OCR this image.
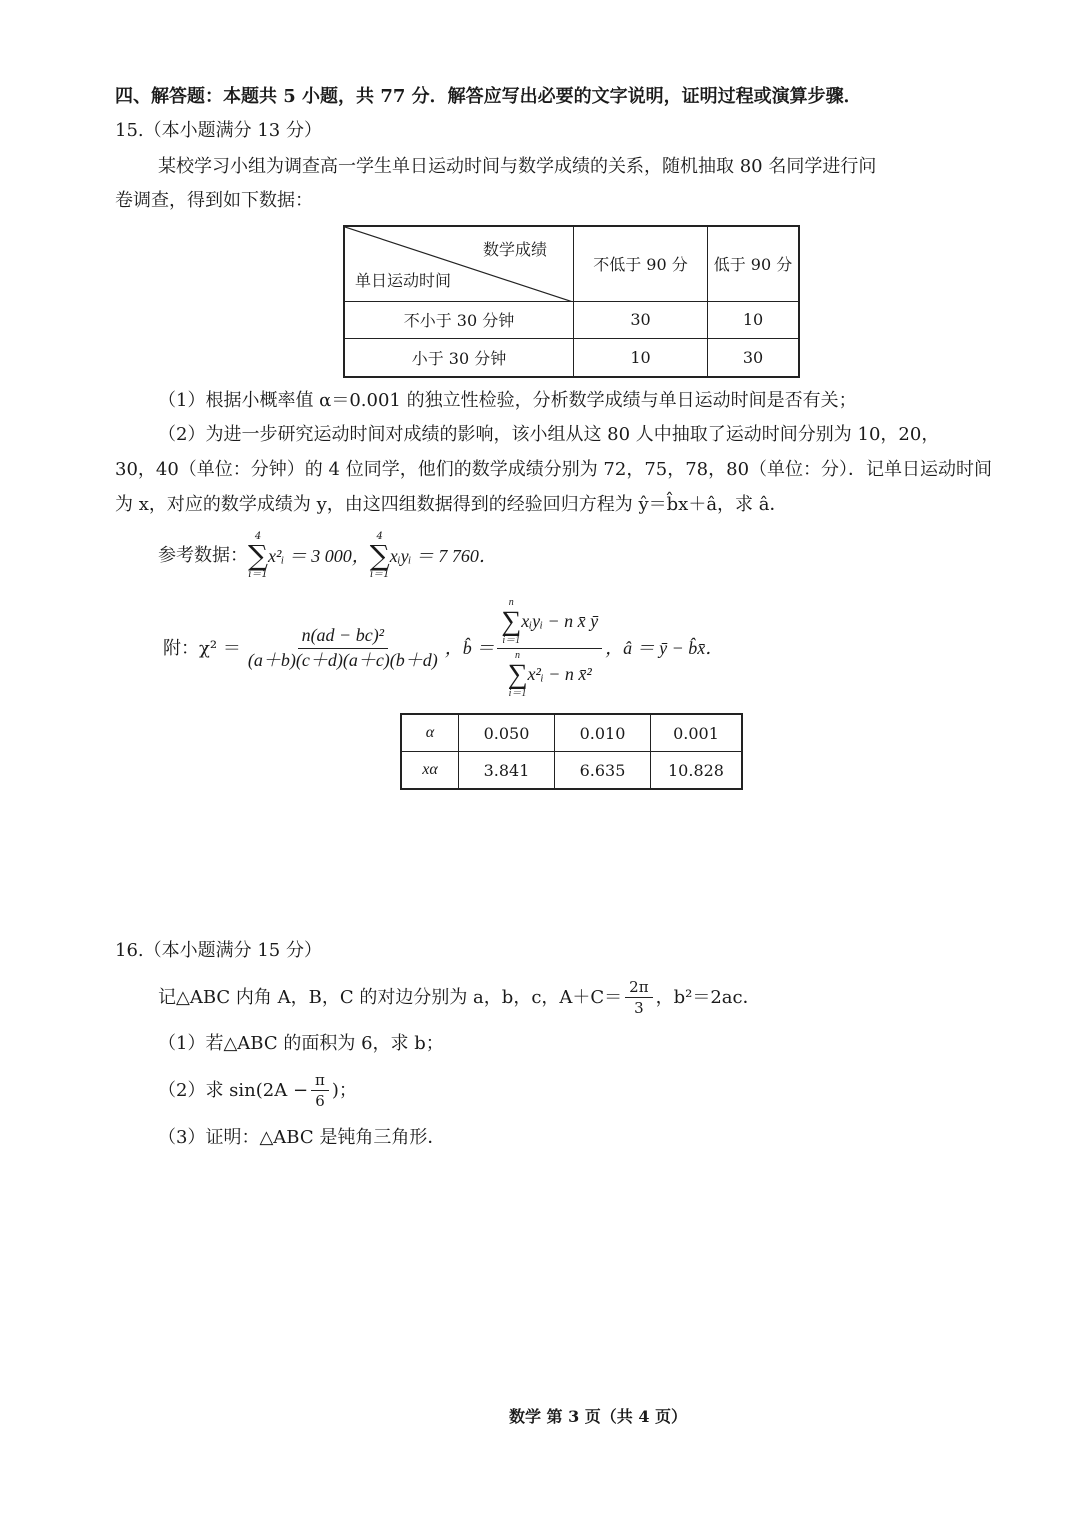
四、解答题：本题共 5 小题，共 77 分．解答应写出必要的文字说明，证明过程或演算步骤．
15.（本小题满分 13 分）
某校学习小组为调查高一学生单日运动时间与数学成绩的关系，随机抽取 80 名同学进行问
卷调查，得到如下数据：
数学成绩
单日运动时间	不低于 90 分	低于 90 分
不小于 30 分钟	30	10
小于 30 分钟	10	30
（1）根据小概率值 α＝0.001 的独立性检验，分析数学成绩与单日运动时间是否有关；
（2）为进一步研究运动时间对成绩的影响，该小组从这 80 人中抽取了运动时间分别为 10，20，
30，40（单位：分钟）的 4 位同学，他们的数学成绩分别为 72，75，78，80（单位：分）．记单日运动时间
为 x，对应的数学成绩为 y，由这四组数据得到的经验回归方程为 ŷ＝b̂x＋â，求 â．
参考数据：
4
∑
i＝1
x²ᵢ ＝ 3 000，
4
∑
i＝1
xᵢyᵢ ＝ 7 760．
附：$\chi^2 = \frac{\text{n(ad − bc)²}}{(a+b)(c+d)(a+c)(b+d)}$ ，b̂ ＝ n
∑
i＝1
xᵢyᵢ − n x̄ ȳ
n
∑
i＝1
x²ᵢ − n x̄² ，â ＝ ȳ − b̂x̄．
α	0.050	0.010	0.001
xα	3.841	6.635	10.828
16.（本小题满分 15 分）
记△ABC 内角 A，B，C 的对边分别为 a，b，c，$A+C= \frac{2\pi}{3}$ ，b²＝2ac．
（1）若△ABC 的面积为 6，求 b；
（2）求 $\sin(2A - \frac{\pi}{6}$ )；
（3）证明：△ABC 是钝角三角形．
数学 第 3 页（共 4 页）
